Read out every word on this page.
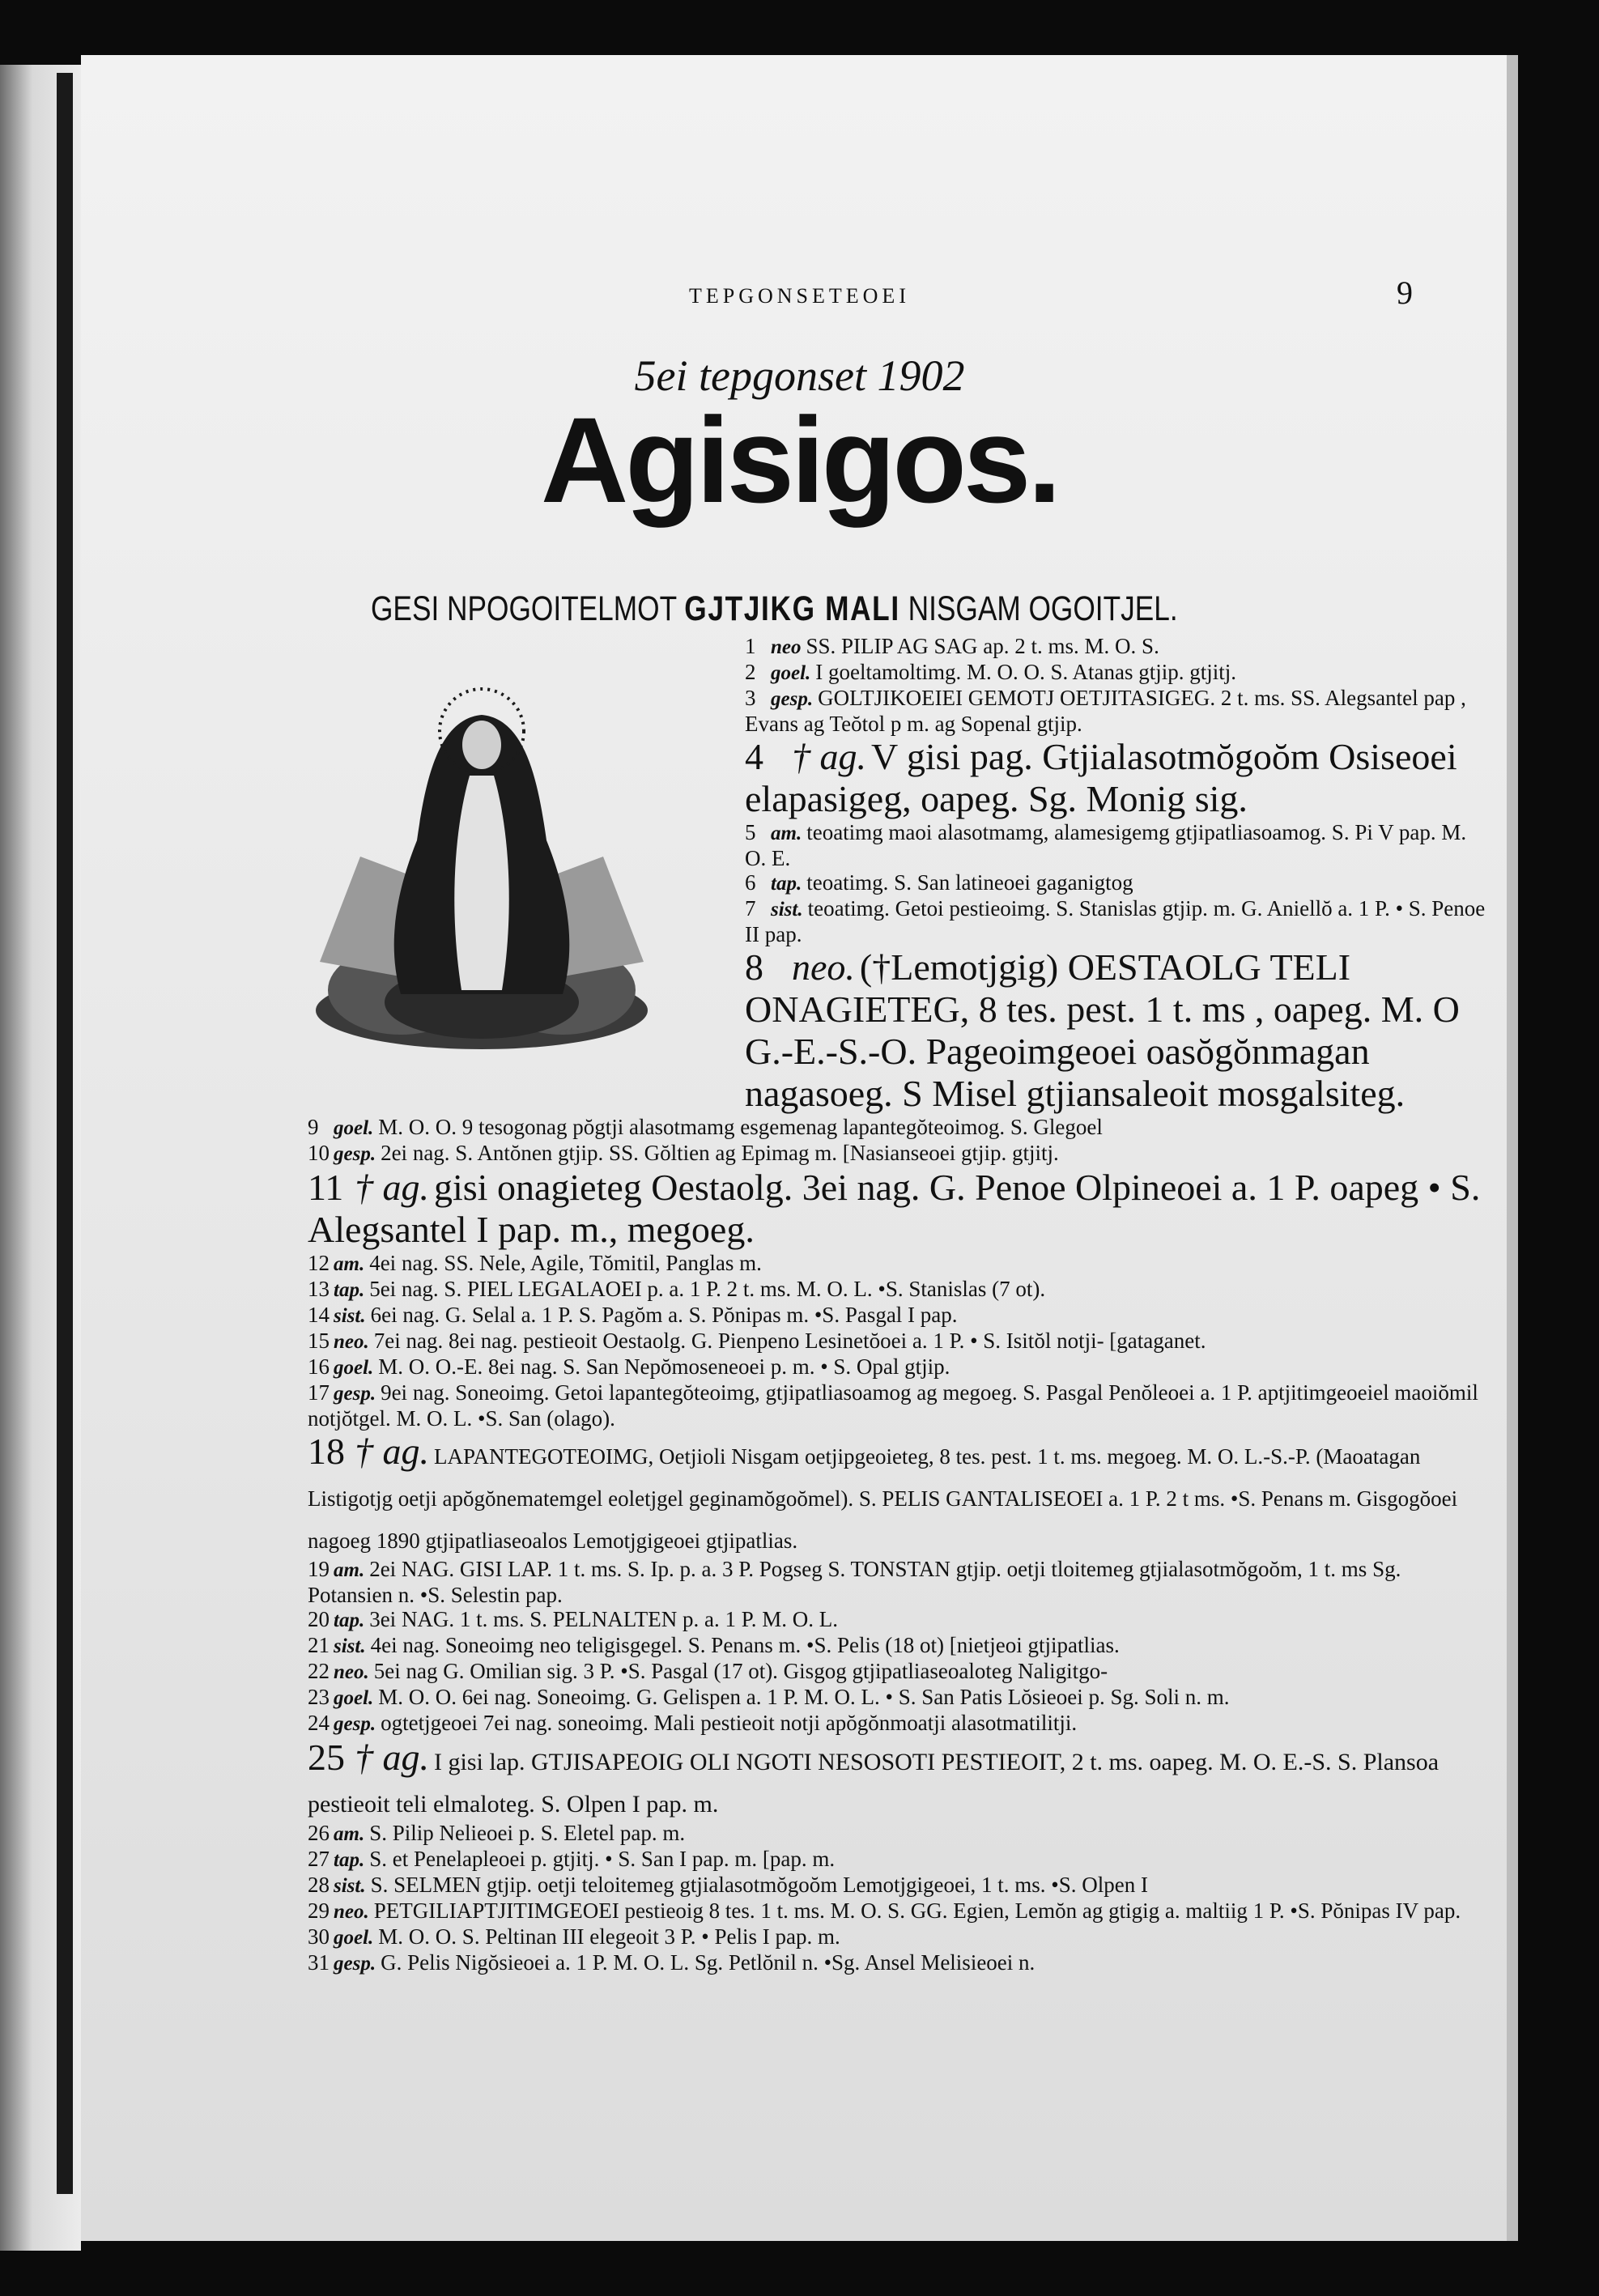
TEPGONSETEOEI	9
5ei tepgonset 1902
Agisigos.
GESI NPOGOITELMOT GJTJIKG MALI NISGAM OGOITJEL.
1 neo SS. PILIP AG SAG ap. 2 t. ms. M. O. S.
2 goel. I goeltamoltimg. M. O. O. S. Atanas gtjip. gtjitj.
3 gesp. GOLTJIKOEIEI GEMOTJ OETJITASIGEG. 2 t. ms. SS. Alegsantel pap , Evans ag Teŏtol p m. ag Sopenal gtjip.
4 † ag. V gisi pag. Gtjialasotmŏgoŏm Osiseoei elapasigeg, oapeg. Sg. Monig sig.
5 am. teoatimg maoi alasotmamg, alamesigemg gtjipatliasoamog. S. Pi V pap. M. O. E.
6 tap. teoatimg. S. San latineoei gaganigtog
7 sist. teoatimg. Getoi pestieoimg. S. Stanislas gtjip. m. G. Aniellŏ a. 1 P. • S. Penoe II pap.
8 neo. (†Lemotjgig) OESTAOLG TELI ONAGIETEG, 8 tes. pest. 1 t. ms , oapeg. M. O G.-E.-S.-O. Pageoimgeoei oasŏgŏnmagan nagasoeg. S Misel gtjiansaleoit mosgalsiteg.
9 goel. M. O. O. 9 tesogonag pŏgtji alasotmamg esgemenag lapantegŏteoimog. S. Glegoel
10 gesp. 2ei nag. S. Antŏnen gtjip. SS. Gŏltien ag Epimag m. [Nasianseoei gtjip. gtjitj.
11 † ag. gisi onagieteg Oestaolg. 3ei nag. G. Penoe Olpineoei a. 1 P. oapeg • S. Alegsantel I pap. m., megoeg.
12 am. 4ei nag. SS. Nele, Agile, Tŏmitil, Panglas m.
13 tap. 5ei nag. S. PIEL LEGALAOEI p. a. 1 P. 2 t. ms. M. O. L. •S. Stanislas (7 ot).
14 sist. 6ei nag. G. Selal a. 1 P. S. Pagŏm a. S. Pŏnipas m. •S. Pasgal I pap.
15 neo. 7ei nag. 8ei nag. pestieoit Oestaolg. G. Pienpeno Lesinetŏoei a. 1 P. • S. Isitŏl notji- [gataganet.
16 goel. M. O. O.-E. 8ei nag. S. San Nepŏmoseneoei p. m. • S. Opal gtjip.
17 gesp. 9ei nag. Soneoimg. Getoi lapantegŏteoimg, gtjipatliasoamog ag megoeg. S. Pasgal Penŏleoei a. 1 P. aptjitimgeoeiel maoiŏmil notjŏtgel. M. O. L. •S. San (olago).
18 † ag. LAPANTEGOTEOIMG, Oetjioli Nisgam oetjipgeoieteg, 8 tes. pest. 1 t. ms. megoeg. M. O. L.-S.-P. (Maoatagan Listigotjg oetji apŏgŏnematemgel eoletjgel geginamŏgoŏmel). S. PELIS GANTALISEOEI a. 1 P. 2 t ms. •S. Penans m. Gisgogŏoei nagoeg 1890 gtjipatliaseoalos Lemotjgigeoei gtjipatlias.
19 am. 2ei NAG. GISI LAP. 1 t. ms. S. Ip. p. a. 3 P. Pogseg S. TONSTAN gtjip. oetji tloitemeg gtjialasotmŏgoŏm, 1 t. ms Sg. Potansien n. •S. Selestin pap.
20 tap. 3ei NAG. 1 t. ms. S. PELNALTEN p. a. 1 P. M. O. L.
21 sist. 4ei nag. Soneoimg neo teligisgegel. S. Penans m. •S. Pelis (18 ot) [nietjeoi gtjipatlias.
22 neo. 5ei nag G. Omilian sig. 3 P. •S. Pasgal (17 ot). Gisgog gtjipatliaseoaloteg Naligitgo-
23 goel. M. O. O. 6ei nag. Soneoimg. G. Gelispen a. 1 P. M. O. L. • S. San Patis Lŏsieoei p. Sg. Soli n. m.
24 gesp. ogtetjgeoei 7ei nag. soneoimg. Mali pestieoit notji apŏgŏnmoatji alasotmatilitji.
25 † ag. I gisi lap. GTJISAPEOIG OLI NGOTI NESOSOTI PESTIEOIT, 2 t. ms. oapeg. M. O. E.-S. S. Plansoa pestieoit teli elmaloteg. S. Olpen I pap. m.
26 am. S. Pilip Nelieoei p. S. Eletel pap. m.
27 tap. S. et Penelapleoei p. gtjitj. • S. San I pap. m. [pap. m.
28 sist. S. SELMEN gtjip. oetji teloitemeg gtjialasotmŏgoŏm Lemotjgigeoei, 1 t. ms. •S. Olpen I
29 neo. PETGILIAPTJITIMGEOEI pestieoig 8 tes. 1 t. ms. M. O. S. GG. Egien, Lemŏn ag gtigig a. maltiig 1 P. •S. Pŏnipas IV pap.
30 goel. M. O. O. S. Peltinan III elegeoit 3 P. • Pelis I pap. m.
31 gesp. G. Pelis Nigŏsieoei a. 1 P. M. O. L. Sg. Petlŏnil n. •Sg. Ansel Melisieoei n.
